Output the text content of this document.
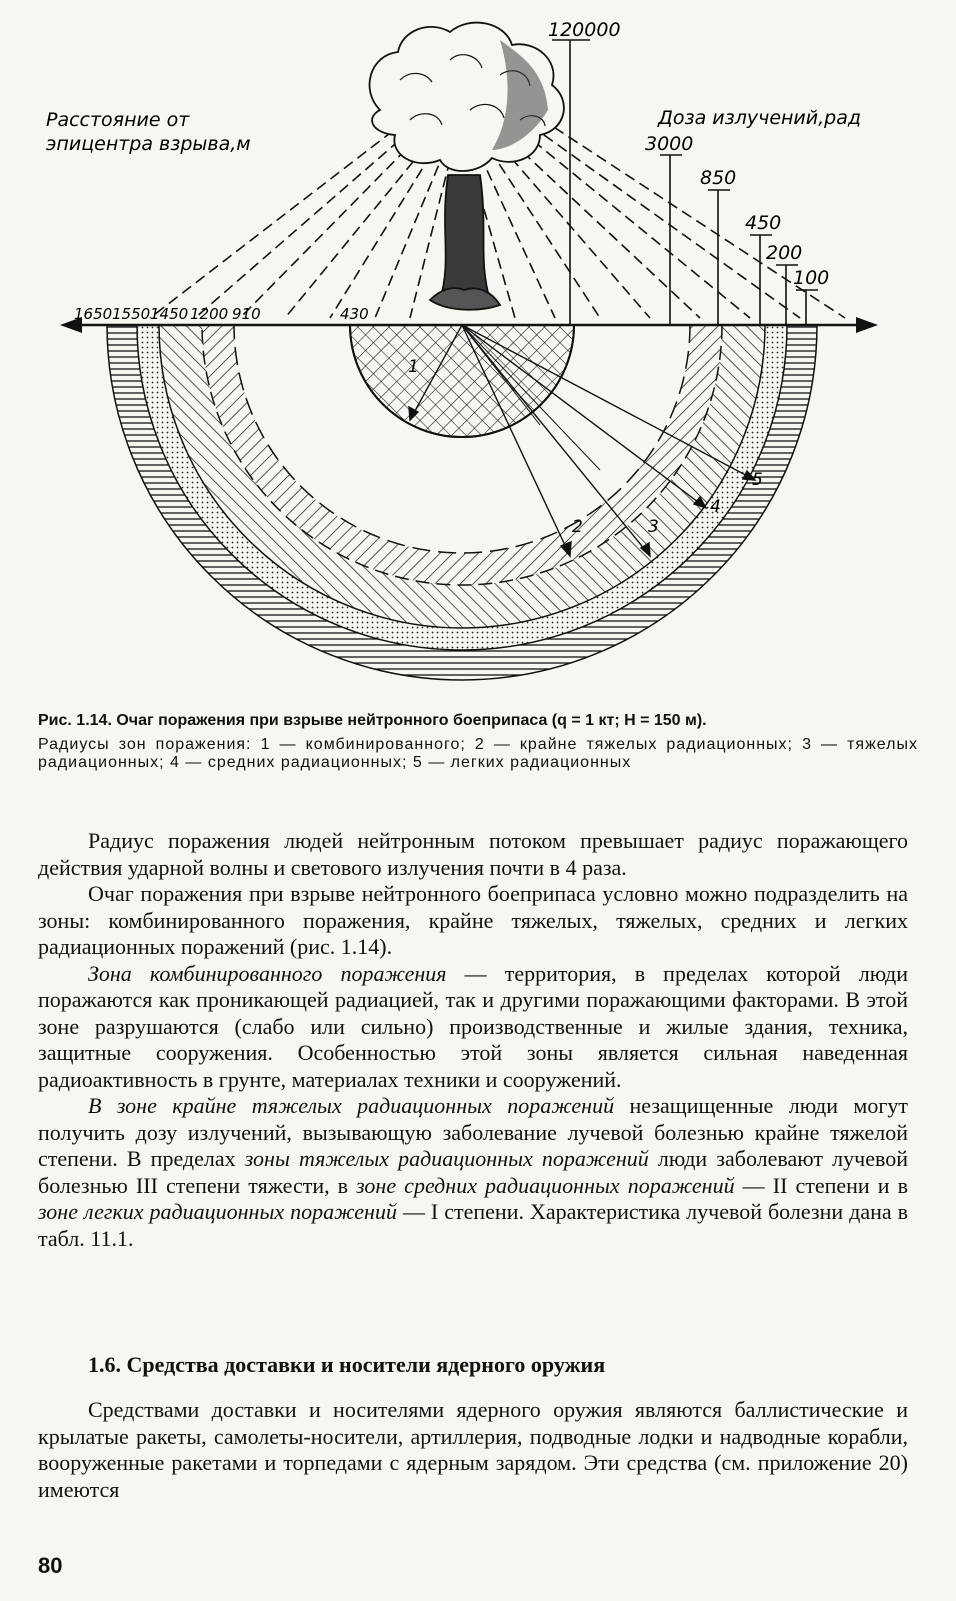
1
2	3
4
5
120000
3000
850
450
200
100
1650 1550 1450 1200 910	430
Расстояние от
эпицентра взрыва,м
Доза излучений,рад
Рис. 1.14. Очаг поражения при взрыве нейтронного боеприпаса (q = 1 кт; H = 150 м).
Радиусы зон поражения: 1 — комбинированного; 2 — крайне тяжелых радиационных; 3 — тяжелых радиационных; 4 — средних радиационных; 5 — легких радиационных

Радиус поражения людей нейтронным потоком превышает радиус поражающего действия ударной волны и светового излучения почти в 4 раза.

Очаг поражения при взрыве нейтронного боеприпаса условно можно подразделить на зоны: комбинированного поражения, крайне тяжелых, тяжелых, средних и легких радиационных поражений (рис. 1.14).

Зона комбинированного поражения — территория, в пределах которой люди поражаются как проникающей радиацией, так и другими поражающими факторами. В этой зоне разрушаются (слабо или сильно) производственные и жилые здания, техника, защитные сооружения. Особенностью этой зоны является сильная наведенная радиоактивность в грунте, материалах техники и сооружений.

В зоне крайне тяжелых радиационных поражений незащищенные люди могут получить дозу излучений, вызывающую заболевание лучевой болезнью крайне тяжелой степени. В пределах зоны тяжелых радиационных поражений люди заболевают лучевой болезнью III степени тяжести, в зоне средних радиационных поражений — II степени и в зоне легких радиационных поражений — I степени. Характеристика лучевой болезни дана в табл. 11.1.

1.6. Средства доставки и носители ядерного оружия

Средствами доставки и носителями ядерного оружия являются баллистические и крылатые ракеты, самолеты-носители, артиллерия, подводные лодки и надводные корабли, вооруженные ракетами и торпедами с ядерным зарядом. Эти средства (см. приложение 20) имеются

80
